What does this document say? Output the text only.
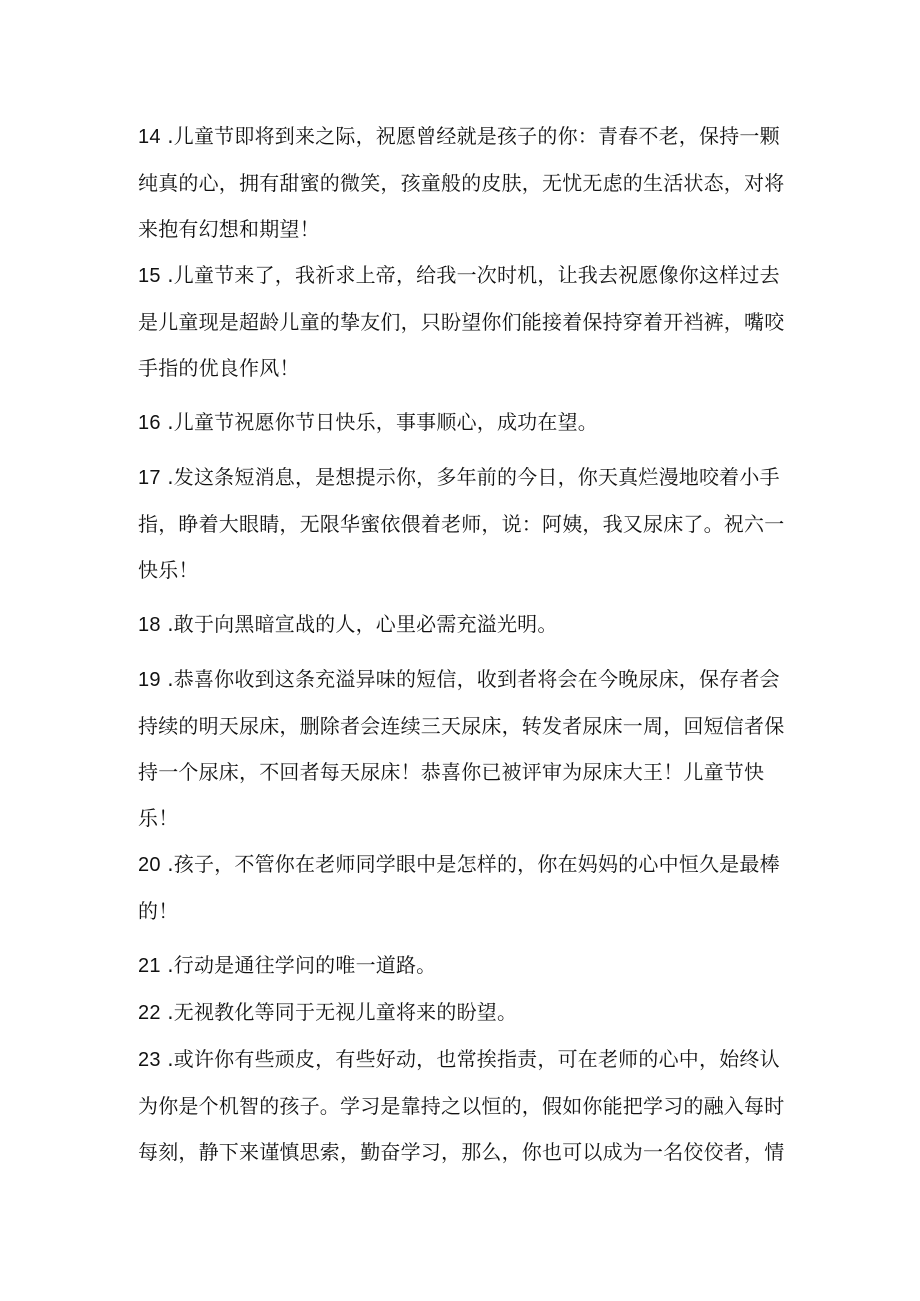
14 .儿童节即将到来之际，祝愿曾经就是孩子的你：青春不老，保持一颗纯真的心，拥有甜蜜的微笑，孩童般的皮肤，无忧无虑的生活状态，对将来抱有幻想和期望！

15 .儿童节来了，我祈求上帝，给我一次时机，让我去祝愿像你这样过去是儿童现是超龄儿童的挚友们，只盼望你们能接着保持穿着开裆裤，嘴咬手指的优良作风！

16 .儿童节祝愿你节日快乐，事事顺心，成功在望。

17 .发这条短消息，是想提示你，多年前的今日，你天真烂漫地咬着小手指，睁着大眼睛，无限华蜜依偎着老师，说：阿姨，我又尿床了。祝六一快乐！

18 .敢于向黑暗宣战的人，心里必需充溢光明。

19 .恭喜你收到这条充溢异味的短信，收到者将会在今晚尿床，保存者会持续的明天尿床，删除者会连续三天尿床，转发者尿床一周，回短信者保持一个尿床，不回者每天尿床！恭喜你已被评审为尿床大王！儿童节快乐！

20 .孩子，不管你在老师同学眼中是怎样的，你在妈妈的心中恒久是最棒的！

21 .行动是通往学问的唯一道路。

22 .无视教化等同于无视儿童将来的盼望。

23 .或许你有些顽皮，有些好动，也常挨指责，可在老师的心中，始终认为你是个机智的孩子。学习是靠持之以恒的，假如你能把学习的融入每时每刻，静下来谨慎思索，勤奋学习，那么，你也可以成为一名佼佼者，情
